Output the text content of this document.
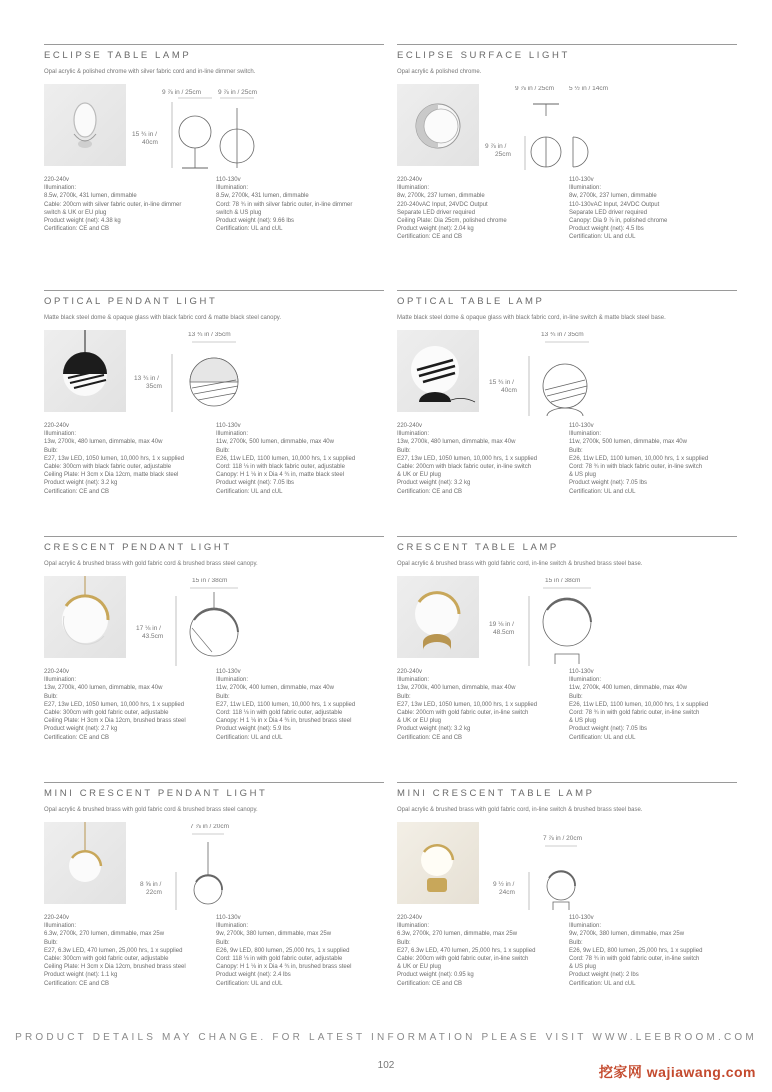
ECLIPSE TABLE LAMP
Opal acrylic & polished chrome with silver fabric cord and in-line dimmer switch.
9 ⅞ in / 25cm	9 ⅞ in / 25cm
15 ¾ in /
40cm
220-240v
Illumination:
8.5w, 2700k, 431 lumen, dimmable
Cable: 200cm with silver fabric outer, in-line dimmer
switch & UK or EU plug
Product weight (net): 4.38 kg
Certification: CE and CB
110-130v
Illumination:
8.5w, 2700k, 431 lumen, dimmable
Cord: 78 ¾ in with silver fabric outer, in-line dimmer
switch & US plug
Product weight (net): 9.66 lbs
Certification: UL and cUL
ECLIPSE SURFACE LIGHT
Opal acrylic & polished chrome.
9 ⅞ in / 25cm 5 ½ in / 14cm
9 ⅞ in /
25cm
220-240v
Illumination:
8w, 2700k, 237 lumen, dimmable
220-240vAC Input, 24VDC Output
Separate LED driver required
Ceiling Plate: Dia 25cm, polished chrome
Product weight (net): 2.04 kg
Certification: CE and CB
110-130v
Illumination:
8w, 2700k, 237 lumen, dimmable
110-130vAC Input, 24VDC Output
Separate LED driver required
Canopy: Dia 9 ⅞ in, polished chrome
Product weight (net): 4.5 lbs
Certification: UL and cUL
OPTICAL PENDANT LIGHT
Matte black steel dome & opaque glass with black fabric cord & matte black steel canopy.
13 ¾ in / 35cm
13 ¾ in /
35cm
220-240v
Illumination:
13w, 2700k, 480 lumen, dimmable, max 40w
Bulb:
E27, 13w LED, 1050 lumen, 10,000 hrs, 1 x supplied
Cable: 300cm with black fabric outer, adjustable
Ceiling Plate: H 3cm x Dia 12cm, matte black steel
Product weight (net): 3.2 kg
Certification: CE and CB
110-130v
Illumination:
11w, 2700k, 500 lumen, dimmable, max 40w
Bulb:
E26, 11w LED, 1100 lumen, 10,000 hrs, 1 x supplied
Cord: 118 ⅛ in with black fabric outer, adjustable
Canopy: H 1 ⅛ in x Dia 4 ¾ in, matte black steel
Product weight (net): 7.05 lbs
Certification: UL and cUL
OPTICAL TABLE LAMP
Matte black steel dome & opaque glass with black fabric cord, in-line switch & matte black steel base.
13 ¾ in / 35cm
15 ¾ in /
40cm
220-240v
Illumination:
13w, 2700k, 480 lumen, dimmable, max 40w
Bulb:
E27, 13w LED, 1050 lumen, 10,000 hrs, 1 x supplied
Cable: 200cm with black fabric outer, in-line switch
& UK or EU plug
Product weight (net): 3.2 kg
Certification: CE and CB
110-130v
Illumination:
11w, 2700k, 500 lumen, dimmable, max 40w
Bulb:
E26, 11w LED, 1100 lumen, 10,000 hrs, 1 x supplied
Cord: 78 ¾ in with black fabric outer, in-line switch
& US plug
Product weight (net): 7.05 lbs
Certification: UL and cUL
CRESCENT PENDANT LIGHT
Opal acrylic & brushed brass with gold fabric cord & brushed brass steel canopy.
15 in / 38cm
17 ⅛ in /
43.5cm
220-240v
Illumination:
13w, 2700k, 400 lumen, dimmable, max 40w
Bulb:
E27, 13w LED, 1050 lumen, 10,000 hrs, 1 x supplied
Cable: 300cm with gold fabric outer, adjustable
Ceiling Plate: H 3cm x Dia 12cm, brushed brass steel
Product weight (net): 2.7 kg
Certification: CE and CB
110-130v
Illumination:
11w, 2700k, 400 lumen, dimmable, max 40w
Bulb:
E27, 11w LED, 1100 lumen, 10,000 hrs, 1 x supplied
Cord: 118 ⅛ in with gold fabric outer, adjustable
Canopy: H 1 ⅛ in x Dia 4 ¾ in, brushed brass steel
Product weight (net): 5.9 lbs
Certification: UL and cUL
CRESCENT TABLE LAMP
Opal acrylic & brushed brass with gold fabric cord, in-line switch & brushed brass steel base.
15 in / 38cm
19 ⅛ in /
48.5cm
220-240v
Illumination:
13w, 2700k, 400 lumen, dimmable, max 40w
Bulb:
E27, 13w LED, 1050 lumen, 10,000 hrs, 1 x supplied
Cable: 200cm with gold fabric outer, in-line switch
& UK or EU plug
Product weight (net): 3.2 kg
Certification: CE and CB
110-130v
Illumination:
11w, 2700k, 400 lumen, dimmable, max 40w
Bulb:
E26, 11w LED, 1100 lumen, 10,000 hrs, 1 x supplied
Cord: 78 ¾ in with gold fabric outer, in-line switch
& US plug
Product weight (net): 7.05 lbs
Certification: UL and cUL
MINI CRESCENT PENDANT LIGHT
Opal acrylic & brushed brass with gold fabric cord & brushed brass steel canopy.
7 ⅞ in / 20cm
8 ⅝ in /
22cm
220-240v
Illumination:
6.3w, 2700k, 270 lumen, dimmable, max 25w
Bulb:
E27, 6.3w LED, 470 lumen, 25,000 hrs, 1 x supplied
Cable: 300cm with gold fabric outer, adjustable
Ceiling Plate: H 3cm x Dia 12cm, brushed brass steel
Product weight (net): 1.1 kg
Certification: CE and CB
110-130v
Illumination:
9w, 2700k, 380 lumen, dimmable, max 25w
Bulb:
E26, 9w LED, 800 lumen, 25,000 hrs, 1 x supplied
Cord: 118 ⅛ in with gold fabric outer, adjustable
Canopy: H 1 ⅛ in x Dia 4 ¾ in, brushed brass steel
Product weight (net): 2.4 lbs
Certification: UL and cUL
MINI CRESCENT TABLE LAMP
Opal acrylic & brushed brass with gold fabric cord, in-line switch & brushed brass steel base.
7 ⅞ in / 20cm
9 ½ in /
24cm
220-240v
Illumination:
6.3w, 2700k, 270 lumen, dimmable, max 25w
Bulb:
E27, 6.3w LED, 470 lumen, 25,000 hrs, 1 x supplied
Cable: 200cm with gold fabric outer, in-line switch
& UK or EU plug
Product weight (net): 0.95 kg
Certification: CE and CB
110-130v
Illumination:
9w, 2700k, 380 lumen, dimmable, max 25w
Bulb:
E26, 9w LED, 800 lumen, 25,000 hrs, 1 x supplied
Cord: 78 ¾ in with gold fabric outer, in-line switch
& US plug
Product weight (net): 2 lbs
Certification: UL and cUL
PRODUCT DETAILS MAY CHANGE. FOR LATEST INFORMATION PLEASE VISIT WWW.LEEBROOM.COM
102	挖家网 wajiawang.com
